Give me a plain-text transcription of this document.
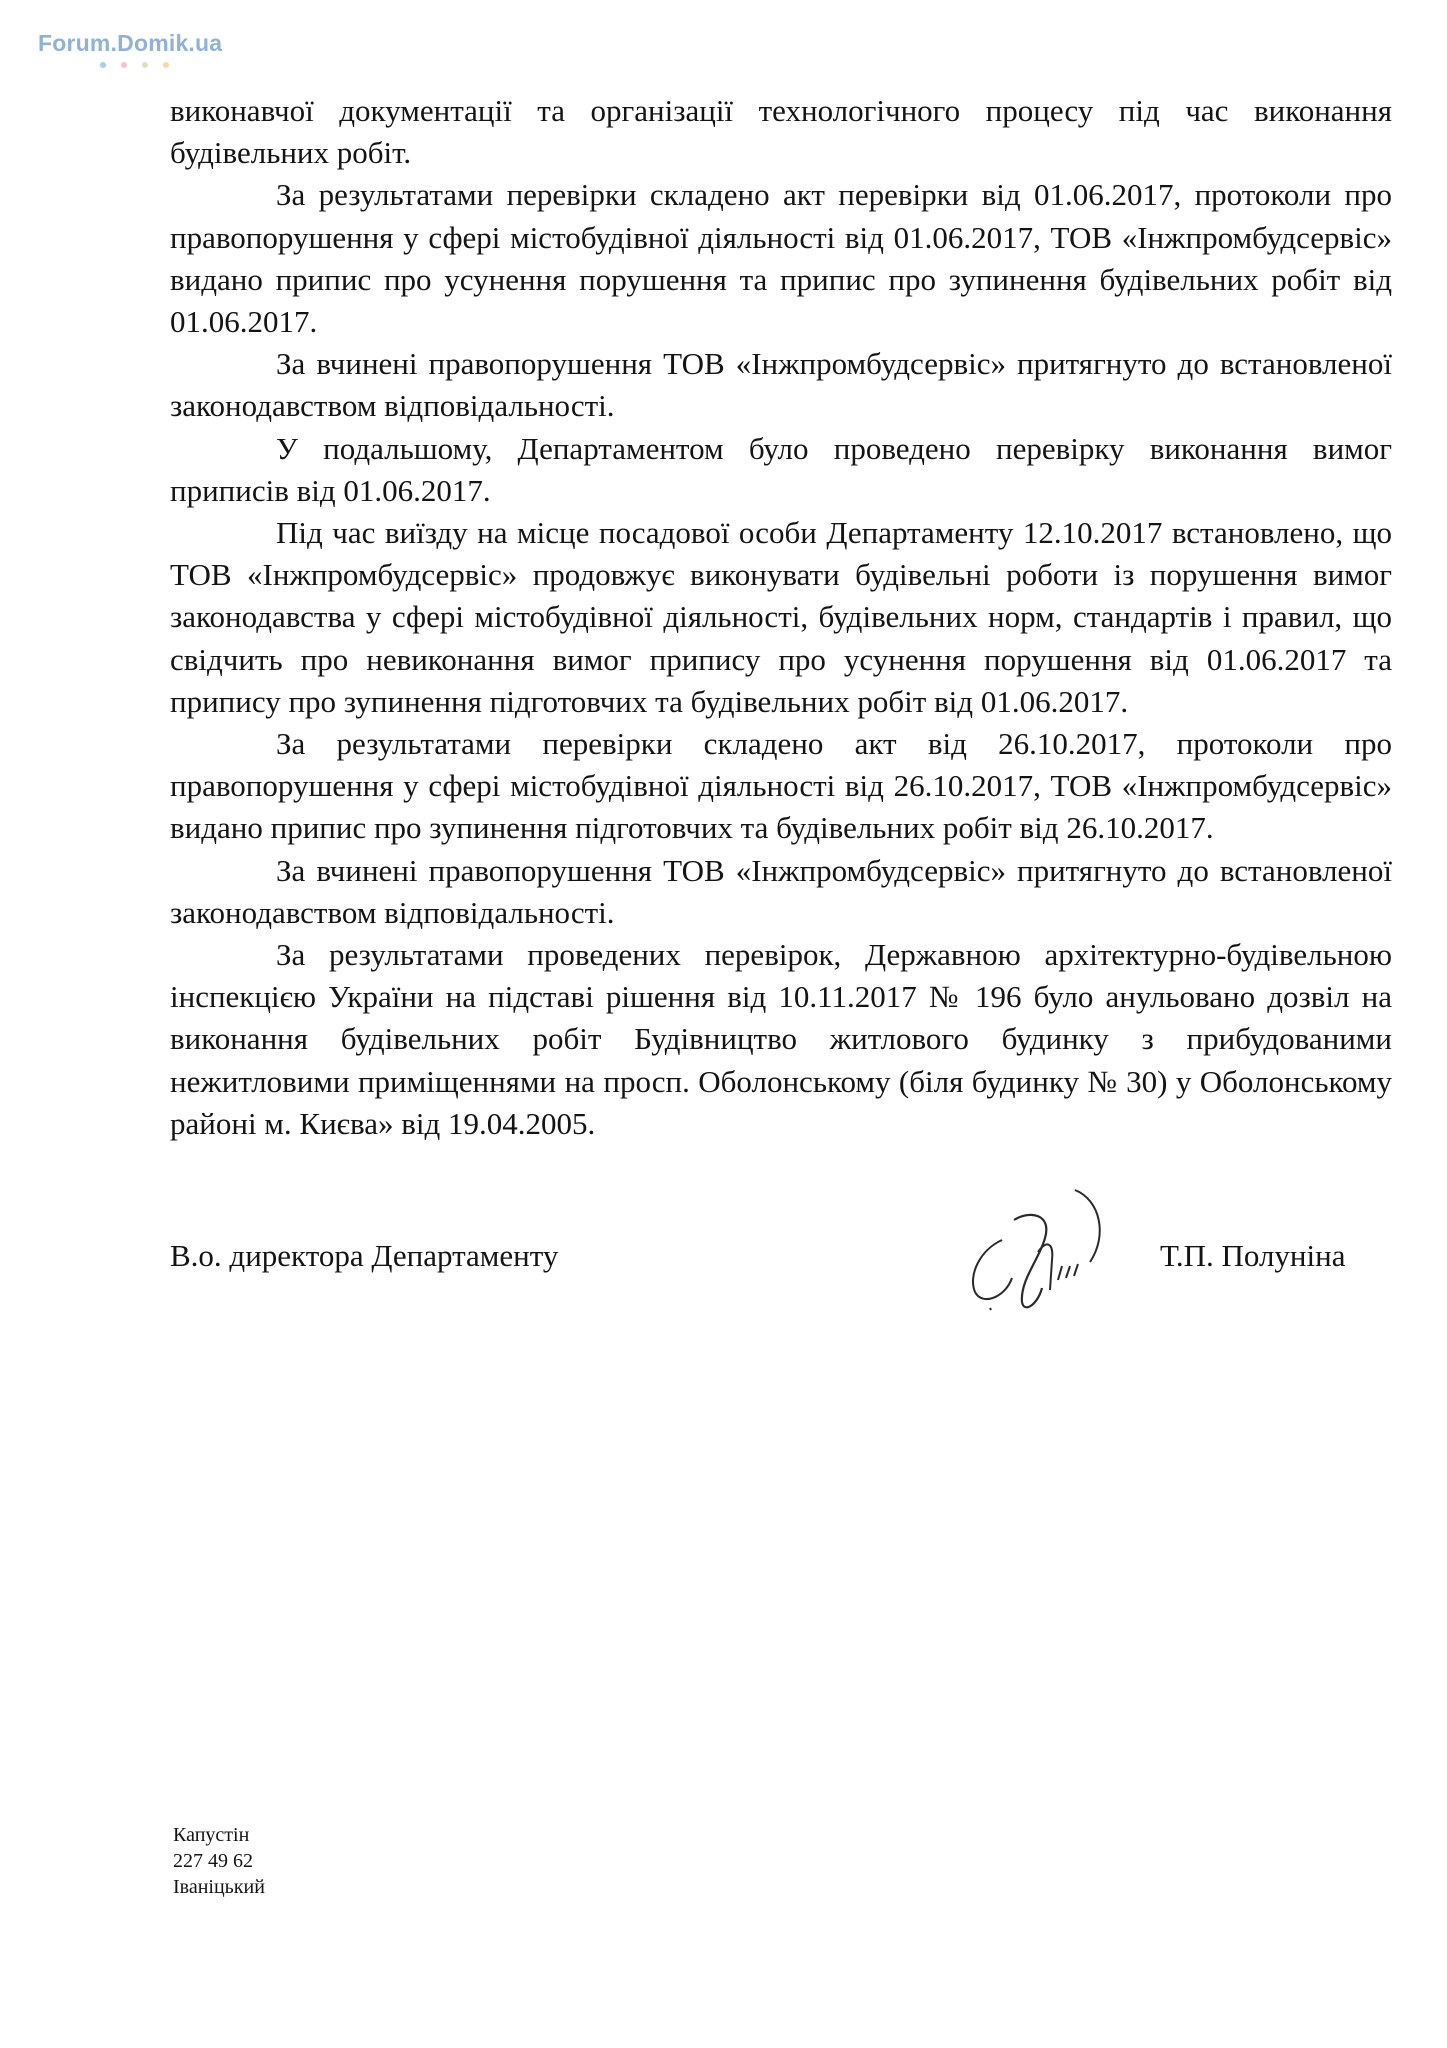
Forum.Domik.ua

виконавчої документації та організації технологічного процесу під час виконання будівельних робіт.

За результатами перевірки складено акт перевірки від 01.06.2017, протоколи про правопорушення у сфері містобудівної діяльності від 01.06.2017, ТОВ «Інжпромбудсервіс» видано припис про усунення порушення та припис про зупинення будівельних робіт від 01.06.2017.

За вчинені правопорушення ТОВ «Інжпромбудсервіс» притягнуто до встановленої законодавством відповідальності.

У подальшому, Департаментом було проведено перевірку виконання вимог приписів від 01.06.2017.

Під час виїзду на місце посадової особи Департаменту 12.10.2017 встановлено, що ТОВ «Інжпромбудсервіс» продовжує виконувати будівельні роботи із порушення вимог законодавства у сфері містобудівної діяльності, будівельних норм, стандартів і правил, що свідчить про невиконання вимог припису про усунення порушення від 01.06.2017 та припису про зупинення підготовчих та будівельних робіт від 01.06.2017.

За результатами перевірки складено акт від 26.10.2017, протоколи про правопорушення у сфері містобудівної діяльності від 26.10.2017, ТОВ «Інжпромбудсервіс» видано припис про зупинення підготовчих та будівельних робіт від 26.10.2017.

За вчинені правопорушення ТОВ «Інжпромбудсервіс» притягнуто до встановленої законодавством відповідальності.

За результатами проведених перевірок, Державною архітектурно-будівельною інспекцією України на підставі рішення від 10.11.2017 № 196 було анульовано дозвіл на виконання будівельних робіт Будівництво житлового будинку з прибудованими нежитловими приміщеннями на просп. Оболонському (біля будинку № 30) у Оболонському районі м. Києва» від 19.04.2005.

В.о. директора Департаменту	Т.П. Полуніна
Капустін
227 49 62
Іваніцький
